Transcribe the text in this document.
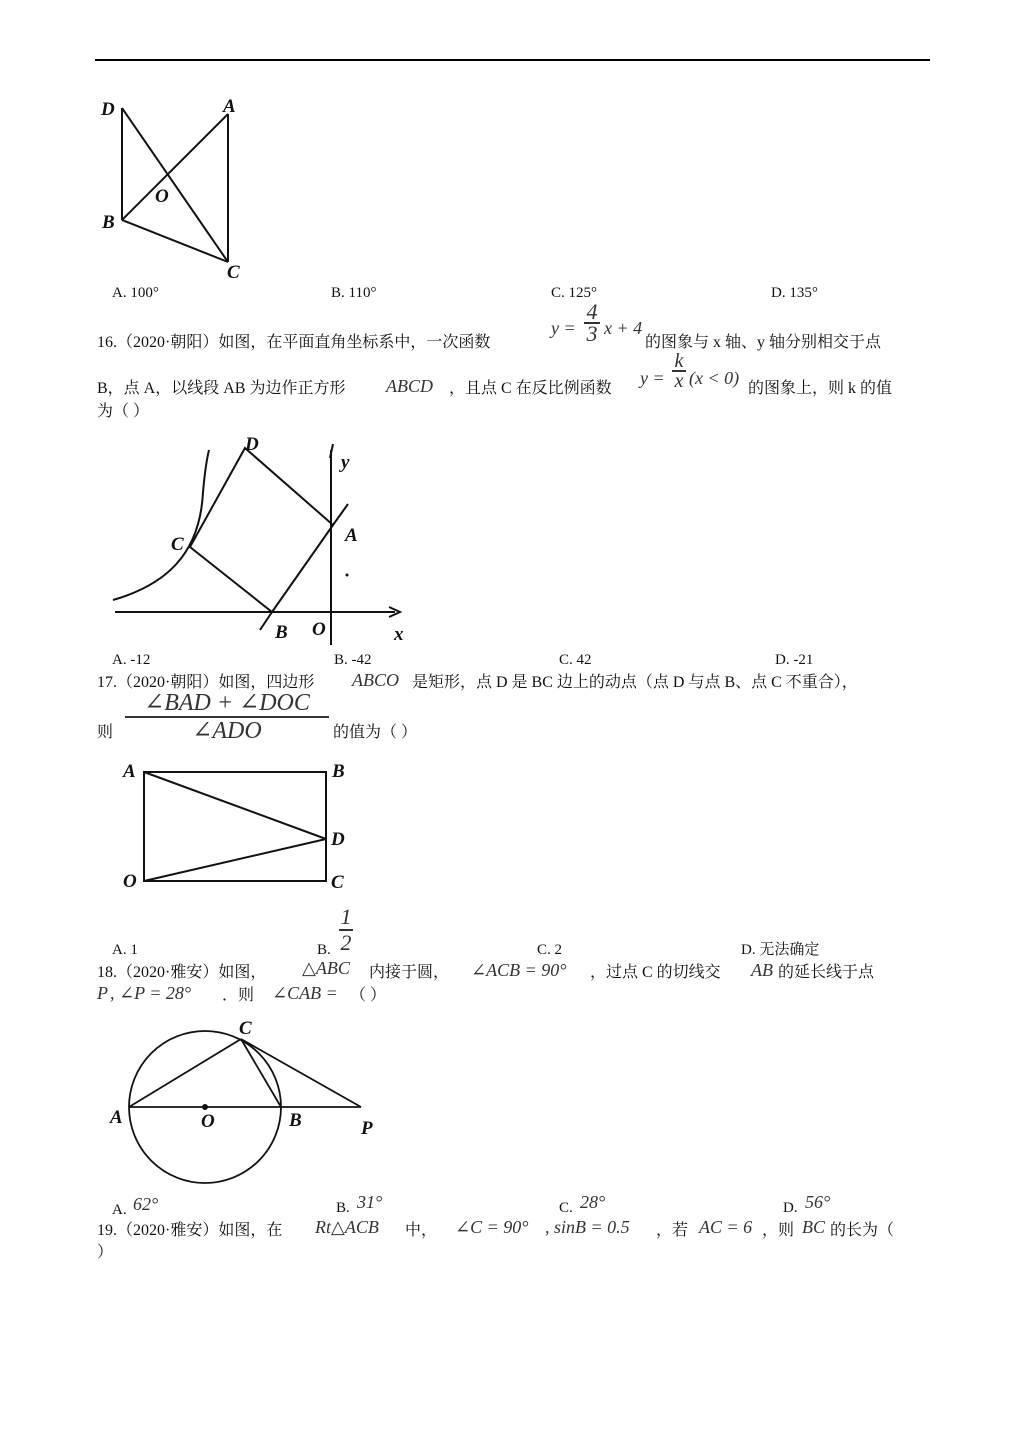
D	A
O
B
C
A. 100°	B. 110°	C. 125°	D. 135°
16.（2020·朝阳）如图，在平面直角坐标系中，一次函数
$y = \frac{4}{3}$ x + 4
的图象与 x 轴、y 轴分别相交于点
B，点 A，以线段 AB 为边作正方形 ABCD ，且点 C 在反比例函数
$y = \frac{k}{x} (x < 0)$
的图象上，则 k 的值
为（ ）
D
y
C	A
B O	x
A. -12	B. -42	C. 42	D. -21
17.（2020·朝阳）如图，四边形 ABCO 是矩形，点 D 是 BC 边上的动点（点 D 与点 B、点 C 不重合），
则
∠BAD + ∠DOC
∠ADO	的值为（ ）
A	B
D
O	C
A. 1	B. $\frac{1}{2}$	C. 2	D. 无法确定
18.（2020·雅安）如图， △ABC 内接于圆， ∠ACB = 90° ，过点 C 的切线交 AB 的延长线于点
P , ∠P = 28° ．则 ∠CAB = （ ）
C
A	O	B	P
A. 62°	B. 31°	C. 28°	D. 56°
19.（2020·雅安）如图，在 Rt△ACB 中， ∠C = 90° , sinB = 0.5 ，若 AC = 6 ，则 BC 的长为（
）
